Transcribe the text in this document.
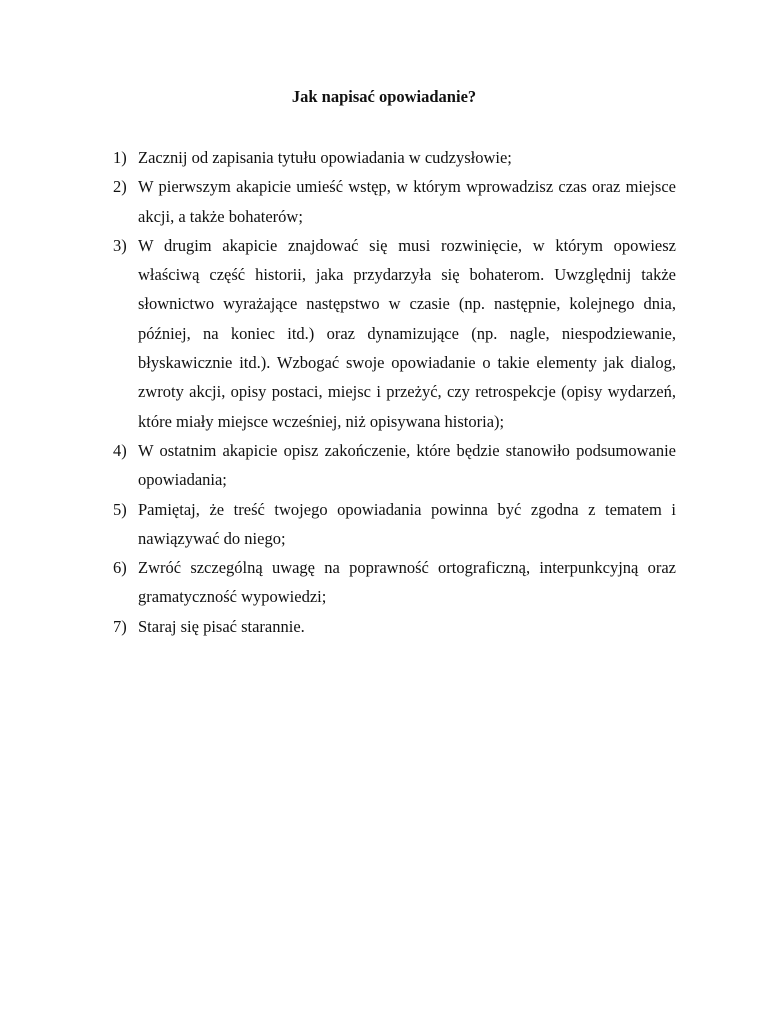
Jak napisać opowiadanie?
1) Zacznij od zapisania tytułu opowiadania w cudzysłowie;
2) W pierwszym akapicie umieść wstęp, w którym wprowadzisz czas oraz miejsce akcji, a także bohaterów;
3) W drugim akapicie znajdować się musi rozwinięcie, w którym opowiesz właściwą część historii, jaka przydarzyła się bohaterom. Uwzględnij także słownictwo wyrażające następstwo w czasie (np. następnie, kolejnego dnia, później, na koniec itd.) oraz dynamizujące (np. nagle, niespodziewanie, błyskawicznie itd.). Wzbogać swoje opowiadanie o takie elementy jak dialog, zwroty akcji, opisy postaci, miejsc i przeżyć, czy retrospekcje (opisy wydarzeń, które miały miejsce wcześniej, niż opisywana historia);
4) W ostatnim akapicie opisz zakończenie, które będzie stanowiło podsumowanie opowiadania;
5) Pamiętaj, że treść twojego opowiadania powinna być zgodna z tematem i nawiązywać do niego;
6) Zwróć szczególną uwagę na poprawność ortograficzną, interpunkcyjną oraz gramatyczność wypowiedzi;
7) Staraj się pisać starannie.
